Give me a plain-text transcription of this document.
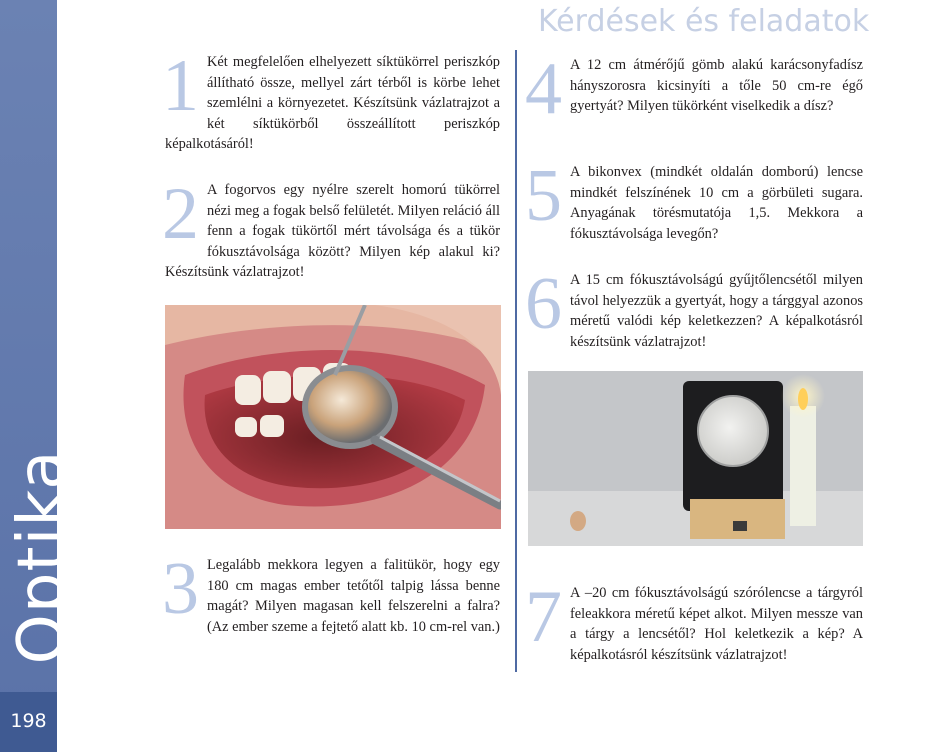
Optika
198
Kérdések és feladatok
1 Két megfelelően elhelyezett síktükörrel periszkóp állítható össze, mellyel zárt térből is körbe lehet szemlélni a környezetet. Készítsünk vázlatrajzot a két síktükörből összeállított periszkóp képalkotásáról!
2 A fogorvos egy nyélre szerelt homorú tükörrel nézi meg a fogak belső felületét. Milyen reláció áll fenn a fogak tükörtől mért távolsága és a tükör fókusztávolsága között? Milyen kép alakul ki? Készítsünk vázlatrajzot!
3 Legalább mekkora legyen a falitükör, hogy egy 180 cm magas ember tetőtől talpig lássa benne magát? Milyen magasan kell felszerelni a falra? (Az ember szeme a fejtető alatt kb. 10 cm-rel van.)
4 A 12 cm átmérőjű gömb alakú karácsonyfadísz hányszorosra kicsinyíti a tőle 50 cm-re égő gyertyát? Milyen tükörként viselkedik a dísz?
5 A bikonvex (mindkét oldalán domború) lencse mindkét felszínének 10 cm a görbületi sugara. Anyagának törésmutatója 1,5. Mekkora a fókusztávolsága levegőn?
6 A 15 cm fókusztávolságú gyűjtőlencsétől milyen távol helyezzük a gyertyát, hogy a tárggyal azonos méretű valódi kép keletkezzen? A képalkotásról készítsünk vázlatrajzot!
7 A –20 cm fókusztávolságú szórólencse a tárgyról feleakkora méretű képet alkot. Milyen messze van a tárgy a lencsétől? Hol keletkezik a kép? A képalkotásról készítsünk vázlatrajzot!
